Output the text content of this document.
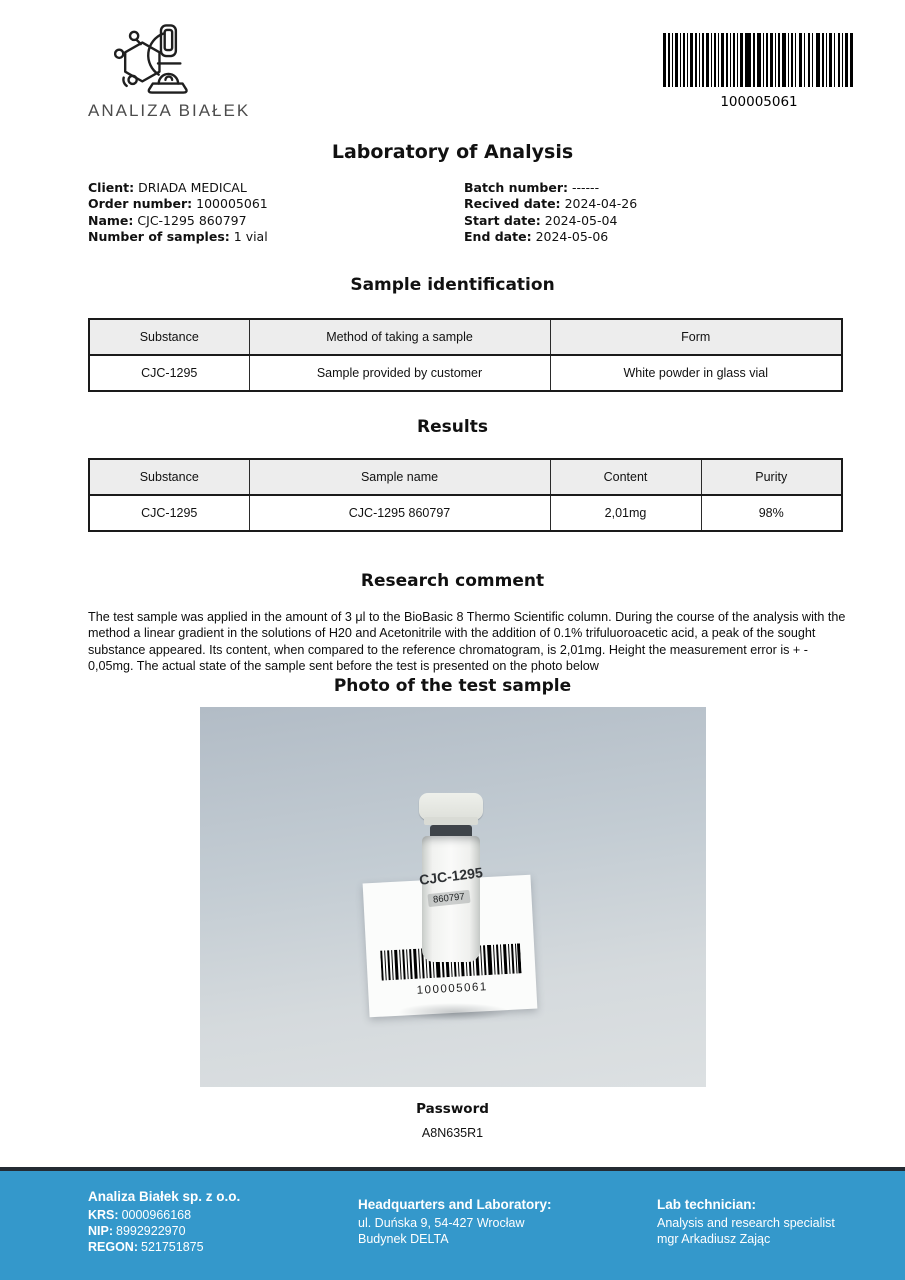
ANALIZA BIAŁEK	100005061
Laboratory of Analysis
Client: DRIADA MEDICAL
Order number: 100005061
Name: CJC-1295 860797
Number of samples: 1 vial
Batch number: ------
Recived date: 2024-04-26
Start date: 2024-05-04
End date: 2024-05-06
Sample identification
Substance	Method of taking a sample	Form
CJC-1295	Sample provided by customer	White powder in glass vial
Results
Substance	Sample name	Content	Purity
CJC-1295	CJC-1295 860797	2,01mg	98%
Research comment

The test sample was applied in the amount of 3 μl to the BioBasic 8 Thermo Scientific column. During the course of the analysis with the method a linear gradient in the solutions of H20 and Acetonitrile with the addition of 0.1% trifuluoroacetic acid, a peak of the sought substance appeared. Its content, when compared to the reference chromatogram, is 2,01mg. Height the measurement error is + - 0,05mg. The actual state of the sample sent before the test is presented on the photo below

Photo of the test sample
100005061
CJC-1295
860797
Password
A8N635R1
Analiza Białek sp. z o.o.
KRS: 0000966168
NIP: 8992922970
REGON: 521751875
Headquarters and Laboratory:
ul. Duńska 9, 54-427 Wrocław
Budynek DELTA
Lab technician:
Analysis and research specialist
mgr Arkadiusz Zając
